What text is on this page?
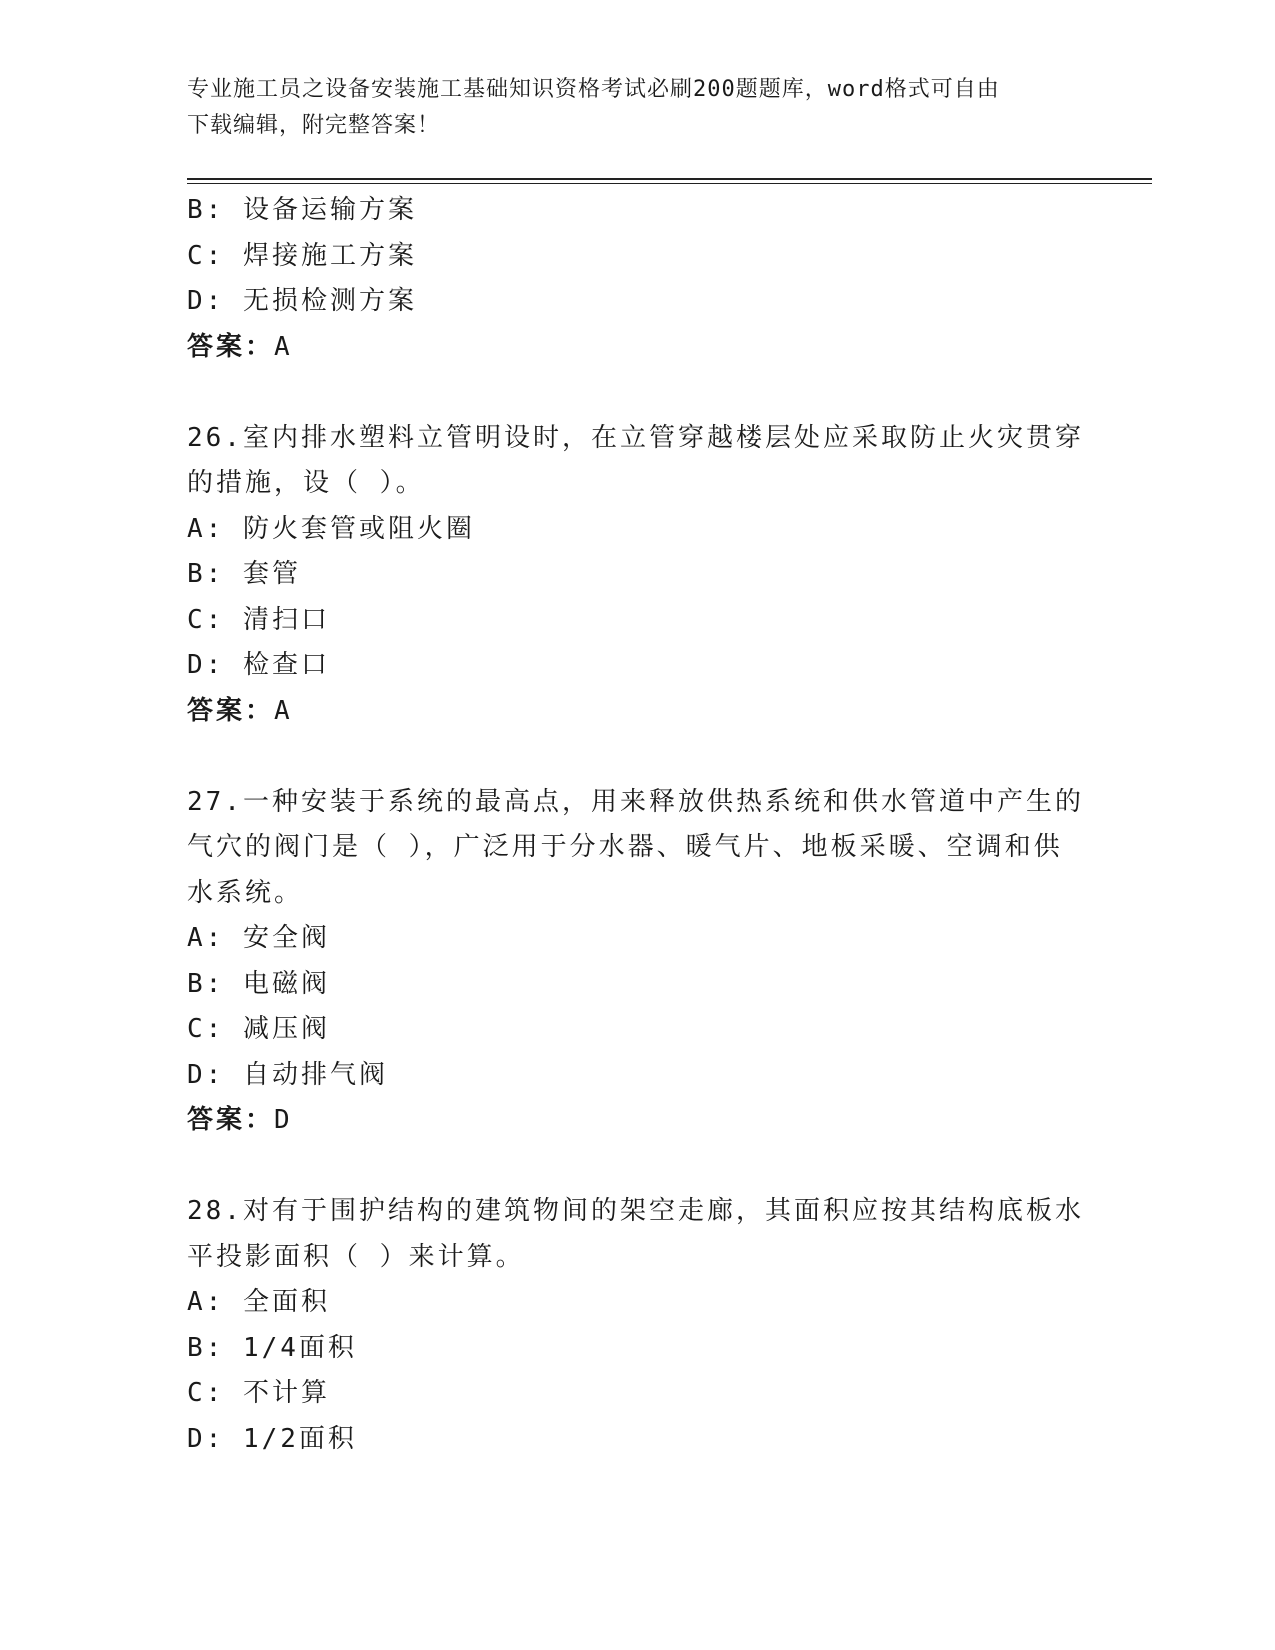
专业施工员之设备安装施工基础知识资格考试必刷200题题库，word格式可自由
下载编辑，附完整答案！
B: 设备运输方案
C: 焊接施工方案
D: 无损检测方案
答案：A
26.室内排水塑料立管明设时，在立管穿越楼层处应采取防止火灾贯穿
的措施，设（ ）。
A: 防火套管或阻火圈
B: 套管
C: 清扫口
D: 检查口
答案：A
27.一种安装于系统的最高点，用来释放供热系统和供水管道中产生的
气穴的阀门是（ ），广泛用于分水器、暖气片、地板采暖、空调和供
水系统。
A: 安全阀
B: 电磁阀
C: 减压阀
D: 自动排气阀
答案：D
28.对有于围护结构的建筑物间的架空走廊，其面积应按其结构底板水
平投影面积（ ）来计算。
A: 全面积
B: 1/4面积
C: 不计算
D: 1/2面积
